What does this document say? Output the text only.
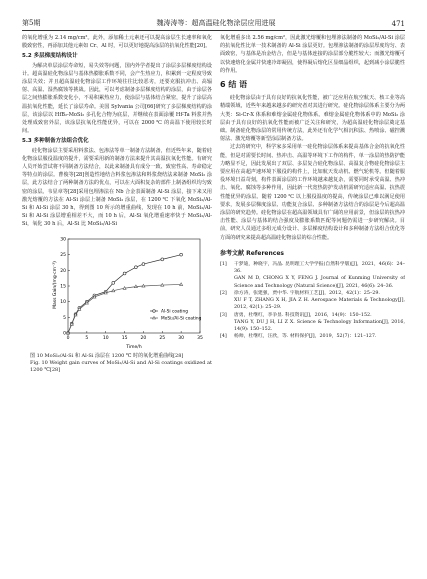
第5期	魏涛涛等：超高温硅化物涂层应用进展	471

的氧化增重为 2.14 mg/cm²。此外，添加稀土元素还可以提高涂层生长速率和氧化膜致密性，再添加其他元素如 Cr、Al 时，可以更好地提高涂层的抗氧化性能[20]。

5.2 多层梯度结构设计

为解决单层涂层寿命短，易失效等问题，国内外学者提出了涂层多层梯度结构设计。超高温硅化物涂层与基体热膨胀系数不同，会产生热应力，积累到一定程度导致涂层失效；并且超高温硅化物涂层工作环境往往比较恶劣，还要克服抗冲击、高辐射、高温、湿热腐蚀等挑战。因此，可以考虑制备多层梯度结构的涂层，由于涂层各层之间热膨胀系数变化小，不易积累热应力，使涂层与基体结合紧密，提升了涂层高温抗氧化性能，延长了涂层寿命。美国 Sylvania 公司[66]研究了多层梯度结构的涂层，该涂层以 HfB₂-MoSi₂ 多孔化合物为底层，并继续在表面涂覆 Hf-Ta 料浆并热处理成致密外层，该涂层抗氧化性能优异，可以在 2000 ℃ 的高温下使用较长时间。

5.3 多种制备方法组合优化

硅化物涂层主要采用料浆法、包渗法等单一制备方法制备，但近些年来，随着硅化物涂层服役温度的提升，需要采用新的制备方法来提升其高温抗氧化性能。有研究人员开始尝试将不同制备方法结合，以此来制备具有成分一致、致密性高、寿命稳定等特点的涂层。曹俊等[28]创造性地结合料浆包渗法和料浆烧结法来制备 MoSi₂ 涂层，此方法结合了两种制备方法的优点，可以在大面积复杂的部件上制备组织均匀致密的涂层。韦显章等[28]采用包埋渗法在 Nb 合金表面制备 Al-Si 涂层，接下来又用激光熔覆的方法在 Al-Si 涂层上制备 MoSi₂ 涂层，在 1200 ℃ 下氧化 MoSi₂/Al-Si 和 Al-Si 涂层 30 h，得到图 10 所示的增重曲线，发现在 10 h 前，MoSi₂/Al-Si 和 Al-Si 涂层增重相差不大，而 10 h 后，Al-Si 氧化增重速率快于 MoSi₂/Al-Si，氧化 30 h 后，Al-Si 比 MoSi₂/Al-Si

0	5	10	15	20	25	30	35
0
5
10
15
20
25
30
Al-Si coating
MoSi₂/Al-Si coating
Mass Gain/(mg·cm⁻²)
Time/h
图 10 MoSi₂/Al-Si 和 Al-Si 涂层在 1200 ℃ 时的氧化增重曲线[28]
Fig. 10 Weight gain curves of MoSi₂/Al-Si and Al-Si coatings oxidized at 1200 ℃[28]

氧化增重多出 2.56 mg/cm²，因此激光熔覆和包埋渗法制备的 MoSi₂/Al-Si 涂层的抗氧化性比单一技术制备的 Al-Si 涂层更好。包埋渗法制备的涂层厚度均匀、表面致密，与基体是冶金结合，但是与基体连接的涂层部分脆性较大；而激光熔覆可以快速熔化金属并快速冷却凝固，使得凝后熔化区显细晶组织，起到减小涂层脆性的作用。

6 结 语

硅化物涂层由于具有良好的抗氧化性能，被广泛应用在航空航天、核工业等高精端领域，近些年来越来越多的研究者对其进行研究。硅化物涂层体系主要分为两大类：Si-Cr-X 体系和难熔金属硅化物体系。难熔金属硅化物体系中的 MoSi₂ 涂层由于具有良好的抗氧化性能而被广泛关注和研究，为超高温硅化物涂层奠定基础。制备硅化物涂层的常用传统方法，此外还有化学气相沉积法、热喷涂、磁控溅射法、激光熔覆等新型涂层制备方法。

过去的研究中，科学家多采用单一硅化物涂层体系来提高基体合金的抗氧化性能，但是对需要长时间、热冲击、高温等环境下工作的构件，单一涂层的热防护能力略显不足，因此发展出了双层、多层复合硅化物涂层、高温复合物硅化物涂层主要应用在高超声速环境下服役的构件上，比如航天发动机、燃气轮机等。但随着服役环境日益苛刻，构件表面涂层的工作环境越来越复杂，需要同时承受高温、热冲击、氧化、腐蚀等多种作用，因此新一代宽热防护发动机需研究适应高温、抗热震性能优异的涂层。随着 1200 ℃ 以上服役温度的提高，传统涂层已难以满足使用要求，发展多层梯度涂层、功能复合涂层、多种制备方法结合的涂层是今后超高温涂层的研究趋势。硅化物涂层在超高温领域具有广阔的应用前景，但涂层的抗热冲击性能、涂层与基体的结合强度及膨胀系数匹配等问题仍需进一步研究解决。目前，研究人员通过多组元成分设计、多层梯度结构设计和多种制备方法组合优化等方面的研究来提高超高温硅化物涂层的综合性能。

参考文献 References
[1] 干梦迪，种晓宇，冯晶. 昆明理工大学学报(自然科学版)[J]，2021，46(6)：24–36.
GAN M D, CHONG X Y, FENG J. Journal of Kunming University of Science and Technology (Natural Science)[J], 2021, 46(6): 24–36.
[2] 徐方涛，张建强，贾中华. 宇航材料工艺[J]，2012，42(1)：25–29.
XU F T, ZHANG X H, JIA Z H. Aerospace Materials & Technology[J], 2012, 42(1): 25–29.
[3] 唐勇，杜继红，李争显. 科技资讯[J]，2016，14(9)：150–152.
TANG Y, DU J H, LI Z X. Science & Technology Information[J], 2016, 14(9): 150–152.
[4] 杨帅，杜继红，汪欣，等. 材料保护[J]，2019，52(7)：121–127.
